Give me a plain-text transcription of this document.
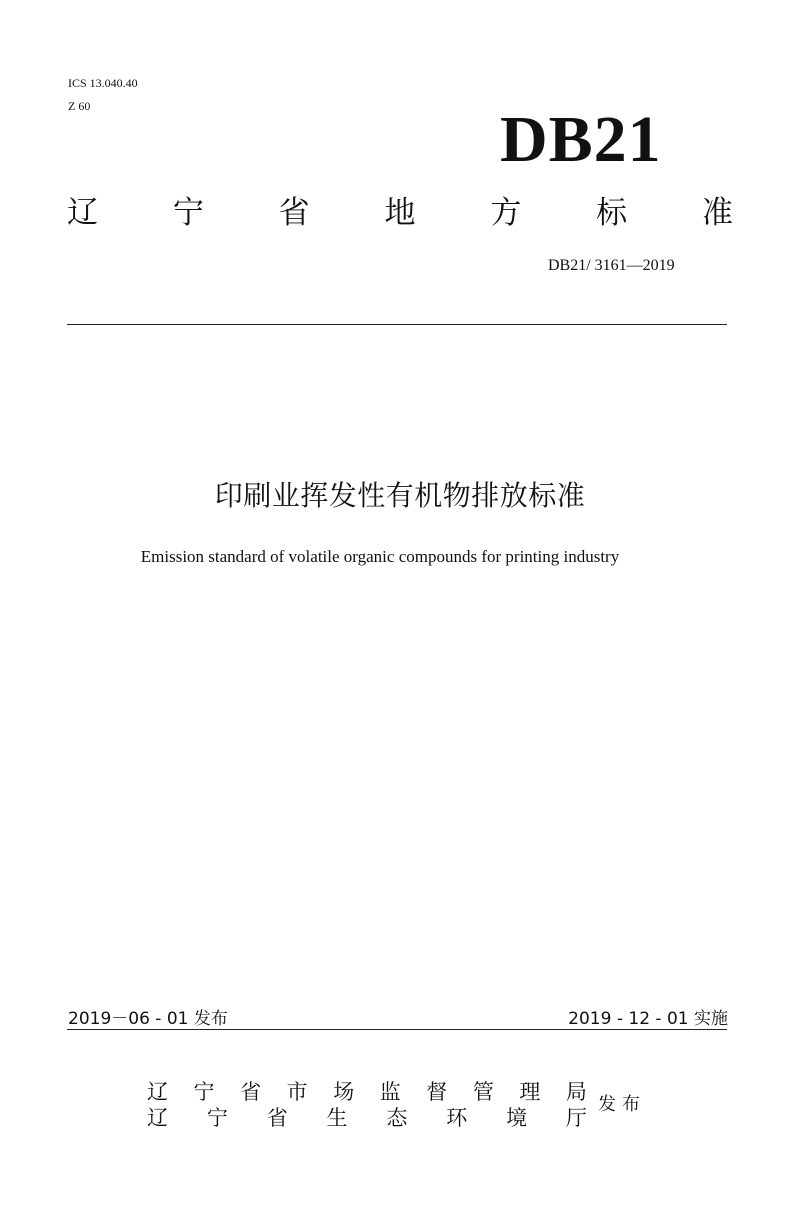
ICS 13.040.40
Z 60	DB21
辽 宁 省 地 方 标 准
DB21/ 3161—2019
印刷业挥发性有机物排放标准
Emission standard of volatile organic compounds for printing industry
2019－06 - 01 发布	2019 - 12 - 01 实施
辽 宁 省 市 场 监 督 管 理 局
辽 宁 省 生 态 环 境 厅
发布
